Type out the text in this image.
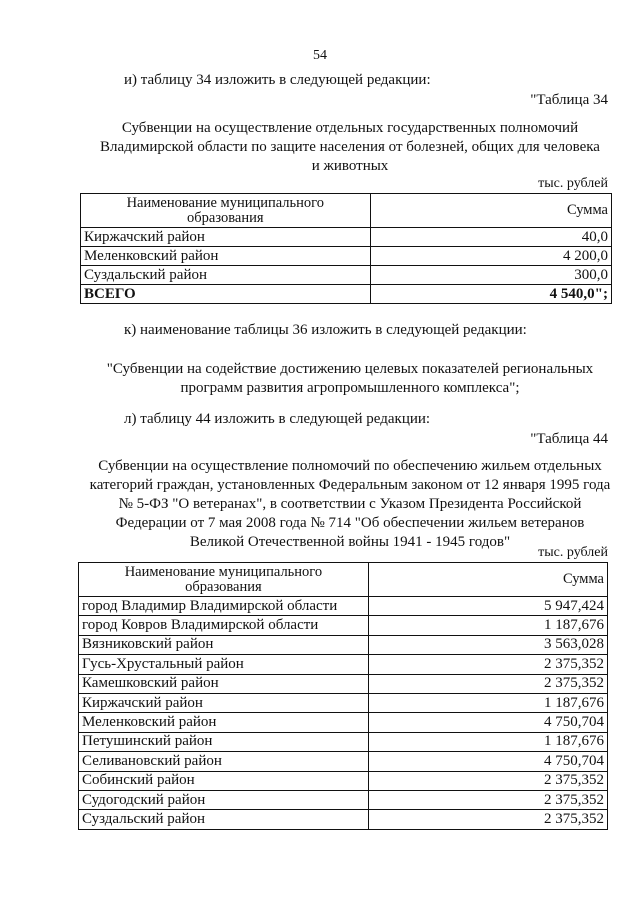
54
и) таблицу 34 изложить в следующей редакции:
"Таблица 34
Субвенции на осуществление отдельных государственных полномочий
Владимирской области по защите населения от болезней, общих для человека
и животных
тыс. рублей
Наименование муниципального образования	Сумма
Киржачский район	40,0
Меленковский район	4 200,0
Суздальский район	300,0
ВСЕГО	4 540,0";
к) наименование таблицы 36 изложить в следующей редакции:
"Субвенции на содействие достижению целевых показателей региональных
программ развития агропромышленного комплекса";
л) таблицу 44 изложить в следующей редакции:
"Таблица 44
Субвенции на осуществление полномочий по обеспечению жильем отдельных
категорий граждан, установленных Федеральным законом от 12 января 1995 года
№ 5-ФЗ "О ветеранах", в соответствии с Указом Президента Российской
Федерации от 7 мая 2008 года № 714 "Об обеспечении жильем ветеранов
Великой Отечественной войны 1941 - 1945 годов"
тыс. рублей
Наименование муниципального образования	Сумма
город Владимир Владимирской области	5 947,424
город Ковров Владимирской области	1 187,676
Вязниковский район	3 563,028
Гусь-Хрустальный район	2 375,352
Камешковский район	2 375,352
Киржачский район	1 187,676
Меленковский район	4 750,704
Петушинский район	1 187,676
Селивановский район	4 750,704
Собинский район	2 375,352
Судогодский район	2 375,352
Суздальский район	2 375,352
